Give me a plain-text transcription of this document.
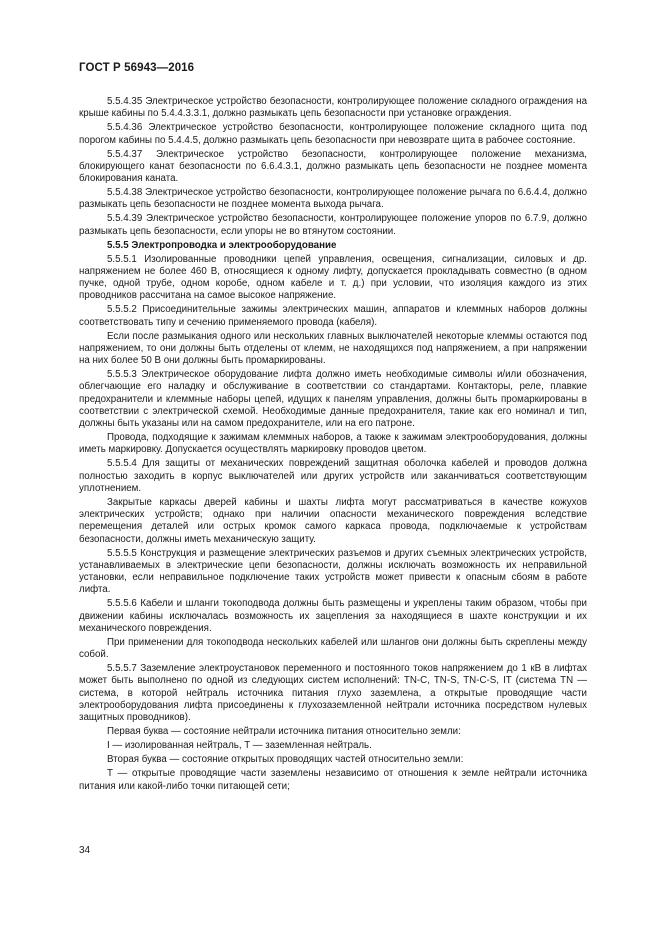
ГОСТ Р 56943—2016

5.5.4.35 Электрическое устройство безопасности, контролирующее положение складного ограждения на крыше кабины по 5.4.4.3.3.1, должно размыкать цепь безопасности при установке ограждения.

5.5.4.36 Электрическое устройство безопасности, контролирующее положение складного щита под порогом кабины по 5.4.4.5, должно размыкать цепь безопасности при невозврате щита в рабочее состояние.

5.5.4.37 Электрическое устройство безопасности, контролирующее положение механизма, блокирующего канат безопасности по 6.6.4.3.1, должно размыкать цепь безопасности не позднее момента блокирования каната.

5.5.4.38 Электрическое устройство безопасности, контролирующее положение рычага по 6.6.4.4, должно размыкать цепь безопасности не позднее момента выхода рычага.

5.5.4.39 Электрическое устройство безопасности, контролирующее положение упоров по 6.7.9, должно размыкать цепь безопасности, если упоры не во втянутом состоянии.

5.5.5 Электропроводка и электрооборудование

5.5.5.1 Изолированные проводники цепей управления, освещения, сигнализации, силовых и др. напряжением не более 460 В, относящиеся к одному лифту, допускается прокладывать совместно (в одном пучке, одной трубе, одном коробе, одном кабеле и т. д.) при условии, что изоляция каждого из этих проводников рассчитана на самое высокое напряжение.

5.5.5.2 Присоединительные зажимы электрических машин, аппаратов и клеммных наборов должны соответствовать типу и сечению применяемого провода (кабеля).

Если после размыкания одного или нескольких главных выключателей некоторые клеммы остаются под напряжением, то они должны быть отделены от клемм, не находящихся под напряжением, а при напряжении на них более 50 В они должны быть промаркированы.

5.5.5.3 Электрическое оборудование лифта должно иметь необходимые символы и/или обозначения, облегчающие его наладку и обслуживание в соответствии со стандартами. Контакторы, реле, плавкие предохранители и клеммные наборы цепей, идущих к панелям управления, должны быть промаркированы в соответствии с электрической схемой. Необходимые данные предохранителя, такие как его номинал и тип, должны быть указаны или на самом предохранителе, или на его патроне.

Провода, подходящие к зажимам клеммных наборов, а также к зажимам электрооборудования, должны иметь маркировку. Допускается осуществлять маркировку проводов цветом.

5.5.5.4 Для защиты от механических повреждений защитная оболочка кабелей и проводов должна полностью заходить в корпус выключателей или других устройств или заканчиваться соответствующим уплотнением.

Закрытые каркасы дверей кабины и шахты лифта могут рассматриваться в качестве кожухов электрических устройств; однако при наличии опасности механического повреждения вследствие перемещения деталей или острых кромок самого каркаса провода, подключаемые к устройствам безопасности, должны иметь механическую защиту.

5.5.5.5 Конструкция и размещение электрических разъемов и других съемных электрических устройств, устанавливаемых в электрические цепи безопасности, должны исключать возможность их неправильной установки, если неправильное подключение таких устройств может привести к опасным сбоям в работе лифта.

5.5.5.6 Кабели и шланги токоподвода должны быть размещены и укреплены таким образом, чтобы при движении кабины исключалась возможность их зацепления за находящиеся в шахте конструкции и их механического повреждения.

При применении для токоподвода нескольких кабелей или шлангов они должны быть скреплены между собой.

5.5.5.7 Заземление электроустановок переменного и постоянного токов напряжением до 1 кВ в лифтах может быть выполнено по одной из следующих систем исполнений: TN-C, TN-S, TN-C-S, IT (система TN — система, в которой нейтраль источника питания глухо заземлена, а открытые проводящие части электрооборудования лифта присоединены к глухозаземленной нейтрали источника посредством нулевых защитных проводников).

Первая буква — состояние нейтрали источника питания относительно земли:

I — изолированная нейтраль, T — заземленная нейтраль.

Вторая буква — состояние открытых проводящих частей относительно земли:

T — открытые проводящие части заземлены независимо от отношения к земле нейтрали источника питания или какой-либо точки питающей сети;

34
